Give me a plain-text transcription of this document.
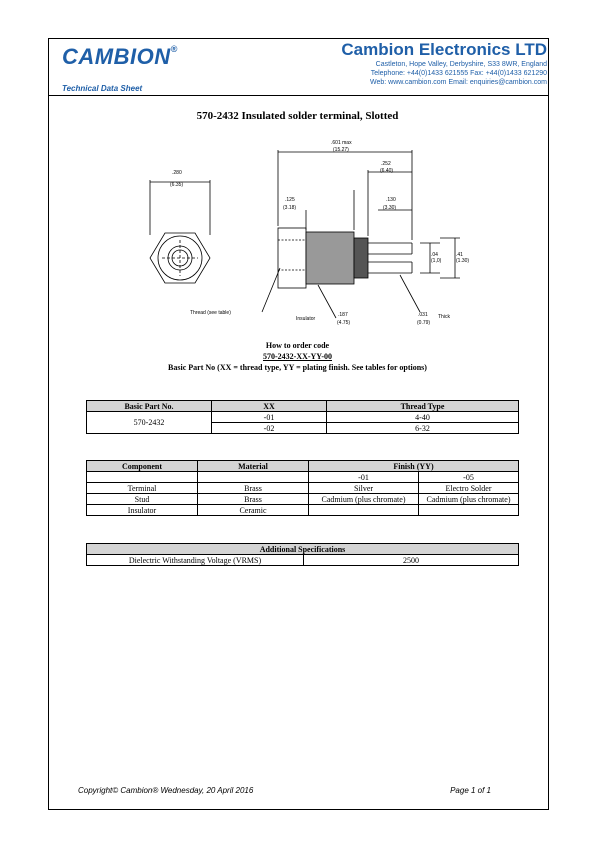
CAMBION®
Technical Data Sheet
Cambion Electronics LTD
Castleton, Hope Valley, Derbyshire, S33 8WR, England
Telephone: +44(0)1433 621555 Fax: +44(0)1433 621290
Web: www.cambion.com Email: enquiries@cambion.com
570-2432 Insulated solder terminal, Slotted
.280
(6.35)
.601 max
(15.27)
.252
(6.40)
.125
(3.18)
.130
(3.30)
.04
(1,0)
.41
(1.30)
Thread (see table)
Insulator
.187
(4.75)
.031
(0.79)
Thick
How to order code
570-2432-XX-YY-00
Basic Part No (XX = thread type, YY = plating finish. See tables for options)
Basic Part No.	XX	Thread Type
570-2432	-01	4-40
	-02	6-32
Component	Material	Finish (YY)	
		-01	-05
Terminal	Brass	Silver	Electro Solder
Stud	Brass	Cadmium (plus chromate)	Cadmium (plus chromate)
Insulator	Ceramic		
Additional Specifications
Dielectric Withstanding Voltage (VRMS)	2500
Copyright© Cambion® Wednesday, 20 April 2016	Page 1 of 1
